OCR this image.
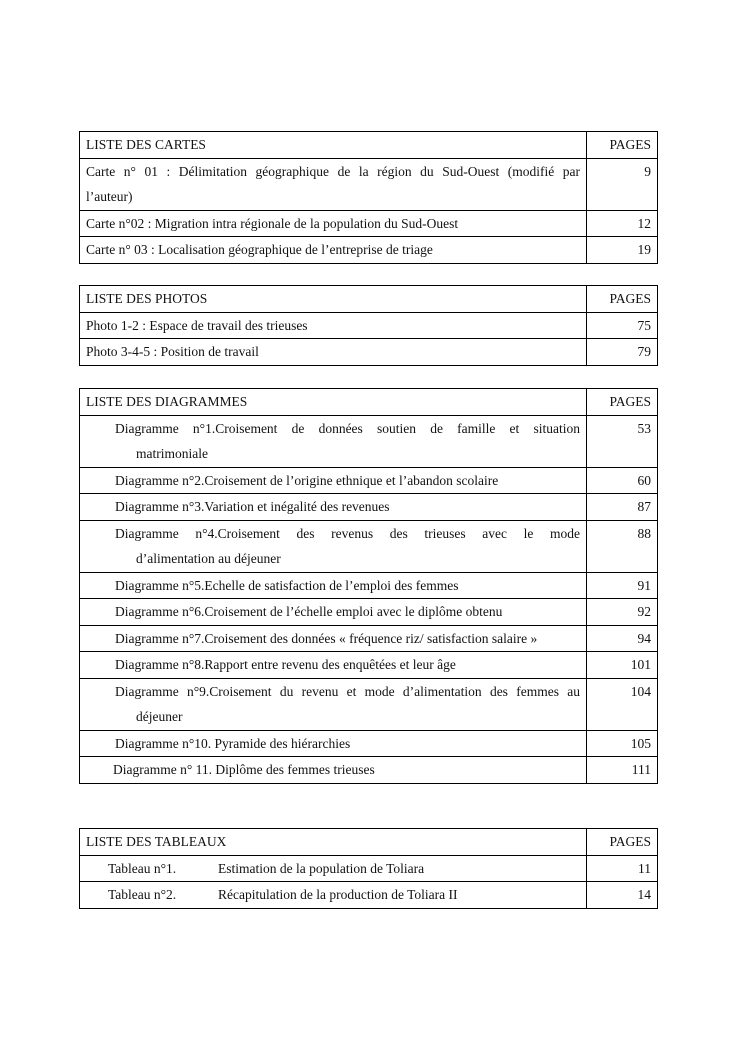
LISTE DES CARTES	PAGES

Carte n° 01 : Délimitation géographique de la région du Sud-Ouest (modifié par
l’auteur)	9
Carte n°02 : Migration intra régionale de la population du Sud-Ouest	12
Carte n° 03 : Localisation géographique de l’entreprise de triage	19
LISTE DES PHOTOS	PAGES
Photo 1-2 : Espace de travail des trieuses	75
Photo 3-4-5 : Position de travail	79
LISTE DES DIAGRAMMES	PAGES

Diagramme n°1.Croisement de données soutien de famille et situation
matrimoniale	53

Diagramme n°2.Croisement de l’origine ethnique et l’abandon scolaire	60

Diagramme n°3.Variation et inégalité des revenues	87

Diagramme n°4.Croisement des revenus des trieuses avec le mode
d’alimentation au déjeuner	88

Diagramme n°5.Echelle de satisfaction de l’emploi des femmes	91

Diagramme n°6.Croisement de l’échelle emploi avec le diplôme obtenu	92

Diagramme n°7.Croisement des données « fréquence riz/ satisfaction salaire »	94

Diagramme n°8.Rapport entre revenu des enquêtées et leur âge	101

Diagramme n°9.Croisement du revenu et mode d’alimentation des femmes au
déjeuner	104

Diagramme n°10. Pyramide des hiérarchies	105

Diagramme n° 11. Diplôme des femmes trieuses	111
LISTE DES TABLEAUX	PAGES
Tableau n°1. Estimation de la population de Toliara	11
Tableau n°2. Récapitulation de la production de Toliara II	14
